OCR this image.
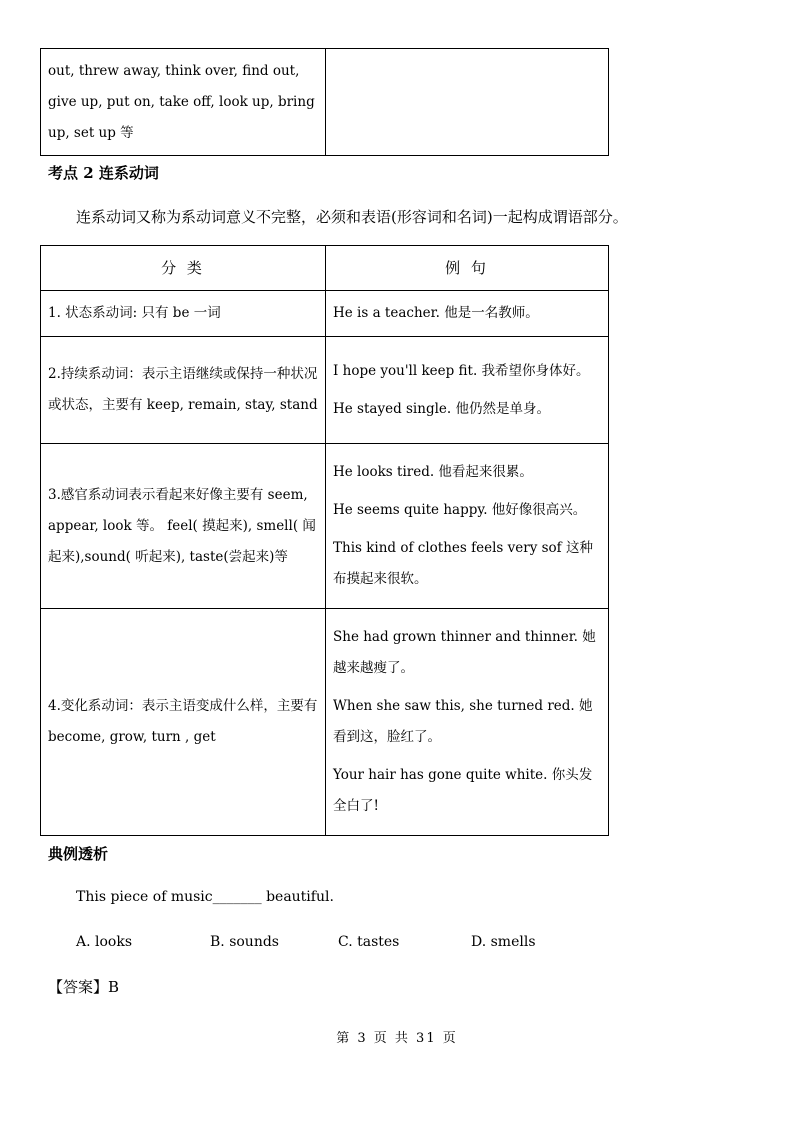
out, threw away, think over, find out, give up, put on, take off, look up, bring up, set up 等	
考点 2 连系动词
连系动词又称为系动词意义不完整，必须和表语(形容词和名词)一起构成谓语部分。
分 类	例 句
1. 状态系动词: 只有 be 一词	He is a teacher. 他是一名教师。

2.持续系动词：表示主语继续或保持一种状况或状态，主要有 keep, remain, stay, stand	I hope you'll keep fit. 我希望你身体好。
He stayed single. 他仍然是单身。

3.感官系动词表示看起来好像主要有 seem, appear, look 等。 feel( 摸起来), smell( 闻起来),sound( 听起来), taste(尝起来)等	He looks tired. 他看起来很累。
He seems quite happy. 他好像很高兴。
This kind of clothes feels very sof 这种布摸起来很软。

4.变化系动词：表示主语变成什么样，主要有 become, grow, turn , get	She had grown thinner and thinner. 她越来越瘦了。
When she saw this, she turned red. 她看到这，脸红了。
Your hair has gone quite white. 你头发全白了!
典例透析
This piece of music_______ beautiful.
A. looks	B. sounds	C. tastes	D. smells
【答案】B
第 3 页 共 31 页
